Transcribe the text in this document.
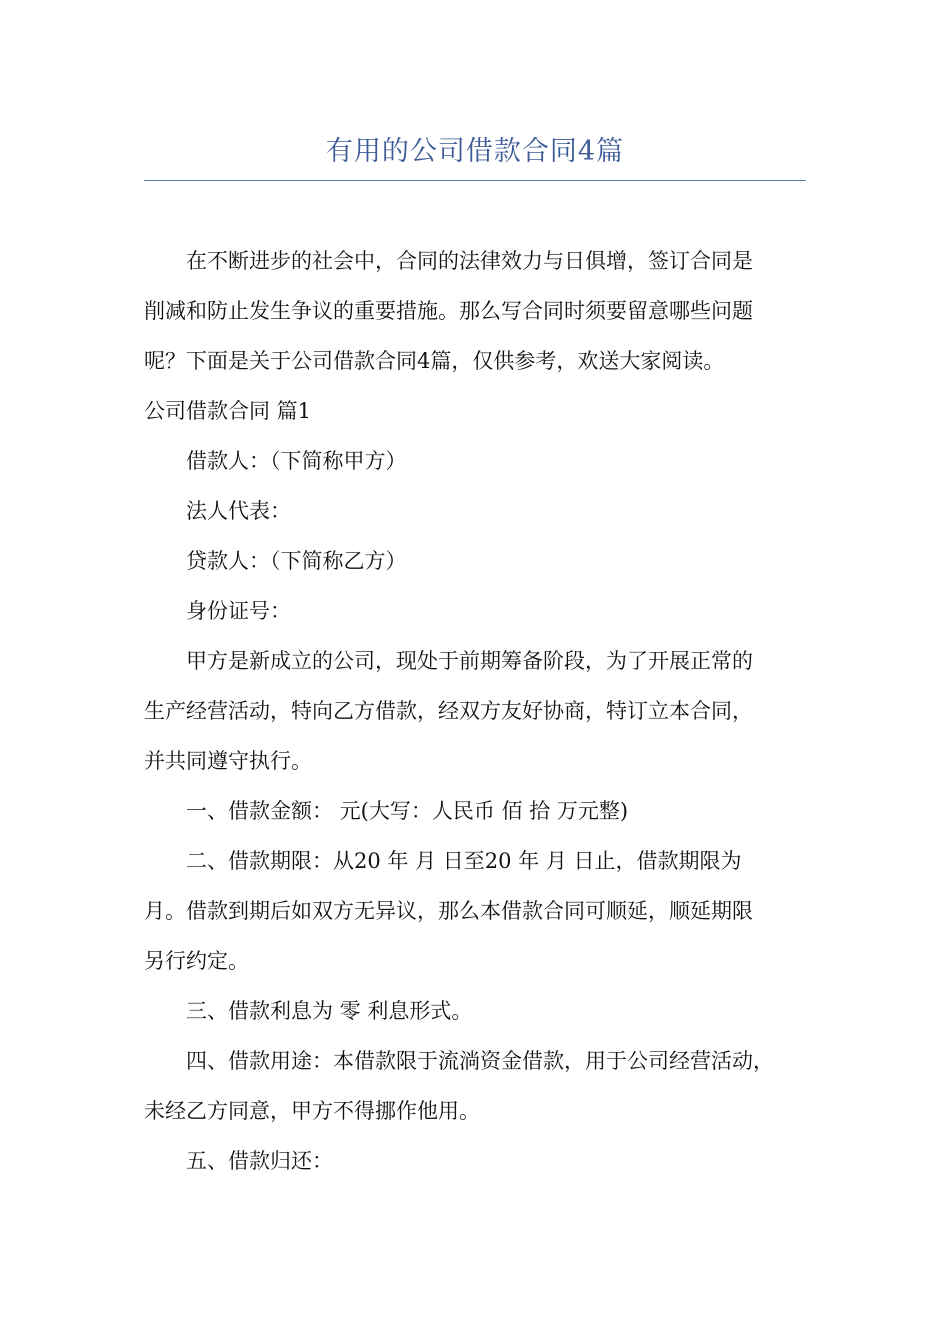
有用的公司借款合同4篇
在不断进步的社会中，合同的法律效力与日俱增，签订合同是
削减和防止发生争议的重要措施。那么写合同时须要留意哪些问题
呢？下面是关于公司借款合同4篇，仅供参考，欢送大家阅读。
公司借款合同 篇1
借款人：（下简称甲方）
法人代表：
贷款人：（下简称乙方）
身份证号：
甲方是新成立的公司，现处于前期筹备阶段，为了开展正常的
生产经营活动，特向乙方借款，经双方友好协商，特订立本合同，
并共同遵守执行。
一、借款金额： 元(大写：人民币 佰 拾 万元整)
二、借款期限：从20 年 月 日至20 年 月 日止，借款期限为
月。借款到期后如双方无异议，那么本借款合同可顺延，顺延期限
另行约定。
三、借款利息为 零 利息形式。
四、借款用途：本借款限于流淌资金借款，用于公司经营活动，
未经乙方同意，甲方不得挪作他用。
五、借款归还：
